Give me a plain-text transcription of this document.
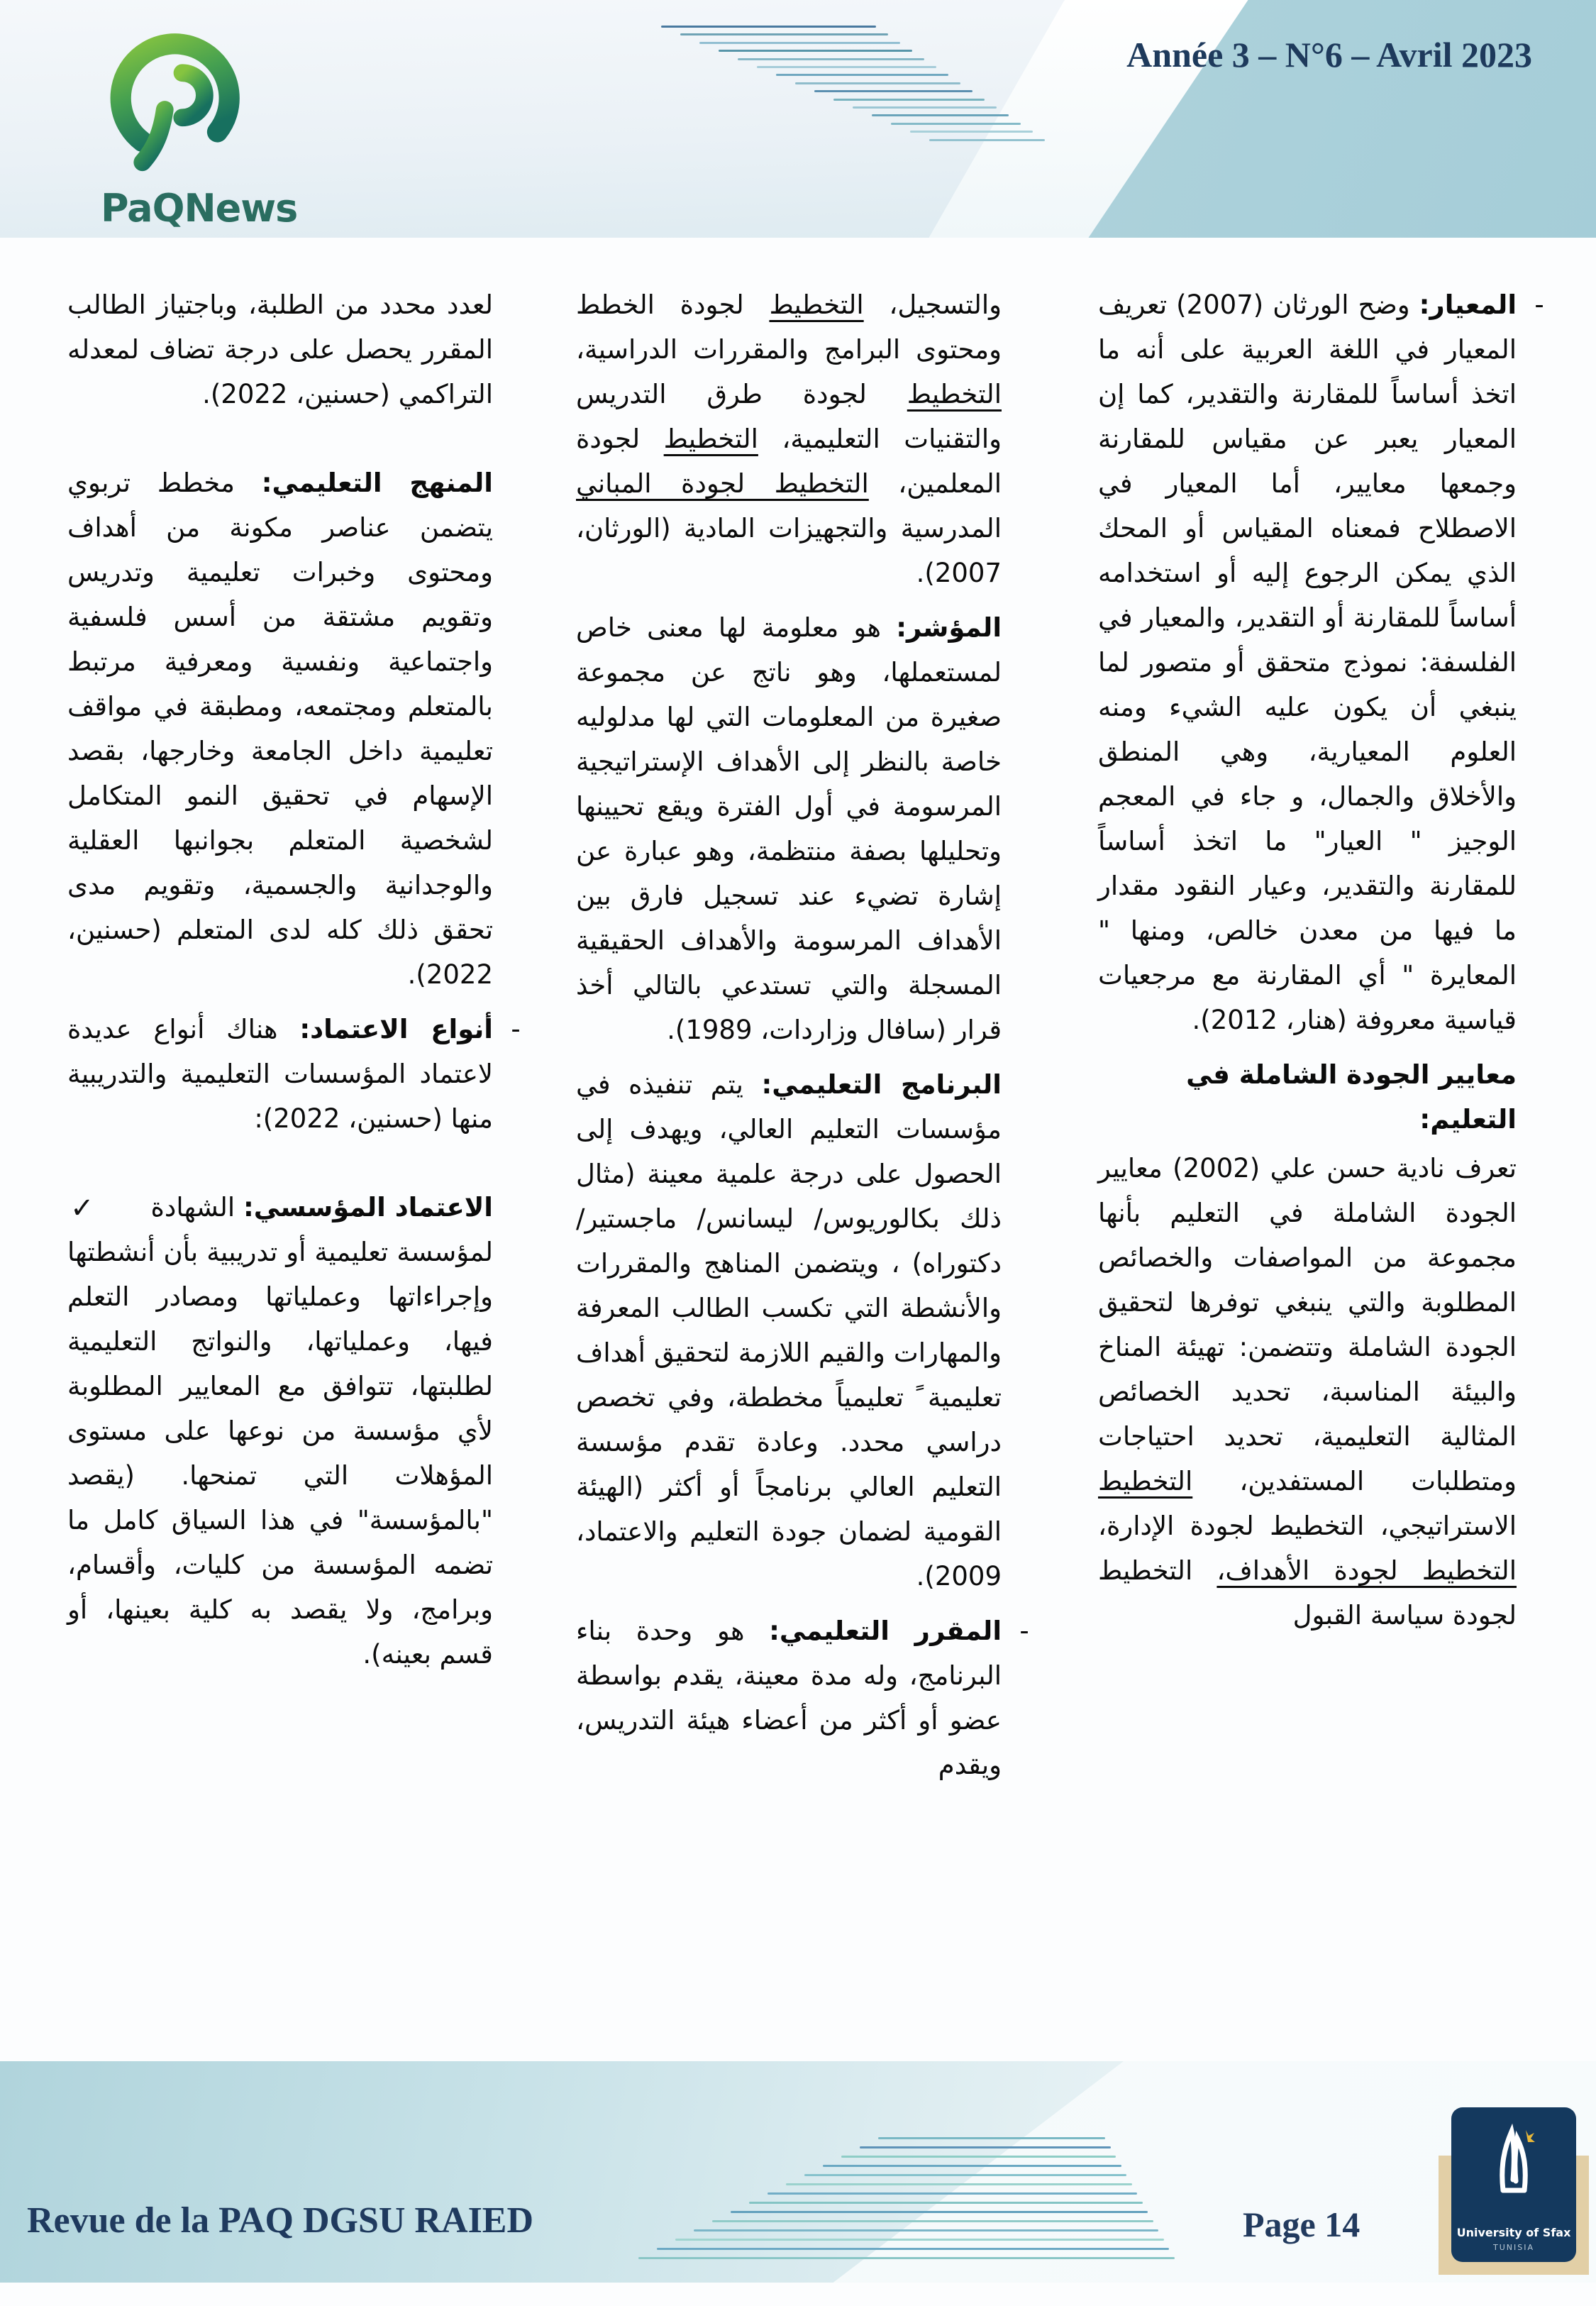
PaQNews
Année 3 – N°6 – Avril 2023
-
المعيار: وضح الورثان (2007) تعريف المعيار في اللغة العربية على أنه ما اتخذ أساساً للمقارنة والتقدير، كما إن المعيار يعبر عن مقياس للمقارنة وجمعها معايير، أما المعيار في الاصطلاح فمعناه المقياس أو المحك الذي يمكن الرجوع إليه أو استخدامه أساساً للمقارنة أو التقدير، والمعيار في الفلسفة: نموذج متحقق أو متصور لما ينبغي أن يكون عليه الشيء ومنه العلوم المعيارية، وهي المنطق والأخلاق والجمال، و جاء في المعجم الوجيز " العيار" ما اتخذ أساساً للمقارنة والتقدير، وعيار النقود مقدار ما فيها من معدن خالص، ومنها " المعايرة " أي المقارنة مع مرجعيات قياسية معروفة (هنار، 2012).
معايير الجودة الشاملة في التعليم:
تعرف نادية حسن علي (2002) معايير الجودة الشاملة في التعليم بأنها مجموعة من المواصفات والخصائص المطلوبة والتي ينبغي توفرها لتحقيق الجودة الشاملة وتتضمن: تهيئة المناخ والبيئة المناسبة، تحديد الخصائص المثالية التعليمية، تحديد احتياجات ومتطلبات المستفدين، التخطيط الاستراتيجي، التخطيط لجودة الإدارة، التخطيط لجودة الأهداف، التخطيط لجودة سياسة القبول
والتسجيل، التخطيط لجودة الخطط ومحتوى البرامج والمقررات الدراسية، التخطيط لجودة طرق التدريس والتقنيات التعليمية، التخطيط لجودة المعلمين، التخطيط لجودة المباني المدرسية والتجهيزات المادية (الورثان، 2007).
المؤشر: هو معلومة لها معنى خاص لمستعملها، وهو ناتج عن مجموعة صغيرة من المعلومات التي لها مدلوليه خاصة بالنظر إلى الأهداف الإستراتيجية المرسومة في أول الفترة ويقع تحيينها وتحليلها بصفة منتظمة، وهو عبارة عن إشارة تضيء عند تسجيل فارق بين الأهداف المرسومة والأهداف الحقيقية المسجلة والتي تستدعي بالتالي أخذ قرار (سافال وزاردات، 1989).
البرنامج التعليمي: يتم تنفيذه في مؤسسات التعليم العالي، ويهدف إلى الحصول على درجة علمية معينة (مثال ذلك بكالوريوس/ ليسانس/ ماجستير/ دكتوراه) ، ويتضمن المناهج والمقررات والأنشطة التي تكسب الطالب المعرفة والمهارات والقيم اللازمة لتحقيق أهداف تعليمية ً تعليمياً مخططة، وفي تخصص دراسي محدد. وعادة تقدم مؤسسة التعليم العالي برنامجاً أو أكثر (الهيئة القومية لضمان جودة التعليم والاعتماد، 2009).
-
المقرر التعليمي: هو وحدة بناء البرنامج، وله مدة معينة، يقدم بواسطة عضو أو أكثر من أعضاء هيئة التدريس، ويقدم
لعدد محدد من الطلبة، وباجتياز الطالب المقرر يحصل على درجة تضاف لمعدله التراكمي (حسنين، 2022).
المنهج التعليمي: مخطط تربوي يتضمن عناصر مكونة من أهداف ومحتوى وخبرات تعليمية وتدريس وتقويم مشتقة من أسس فلسفية واجتماعية ونفسية ومعرفية مرتبط بالمتعلم ومجتمعه، ومطبقة في مواقف تعليمية داخل الجامعة وخارجها، بقصد الإسهام في تحقيق النمو المتكامل لشخصية المتعلم بجوانبها العقلية والوجدانية والجسمية، وتقويم مدى تحقق ذلك كله لدى المتعلم (حسنين، 2022).
-
أنواع الاعتماد: هناك أنواع عديدة لاعتماد المؤسسات التعليمية والتدريبية منها (حسنين، 2022):
✓	الاعتماد المؤسسي: الشهادة
لمؤسسة تعليمية أو تدريبية بأن أنشطتها وإجراءاتها وعملياتها ومصادر التعلم فيها، وعملياتها، والنواتج التعليمية لطلبتها، تتوافق مع المعايير المطلوبة لأي مؤسسة من نوعها على مستوى المؤهلات التي تمنحها. (يقصد "بالمؤسسة" في هذا السياق كامل ما تضمه المؤسسة من كليات، وأقسام، وبرامج، ولا يقصد به كلية بعينها، أو قسم بعينه).
Revue de la PAQ DGSU RAIED	Page 14	University of Sfax
TUNISIA
